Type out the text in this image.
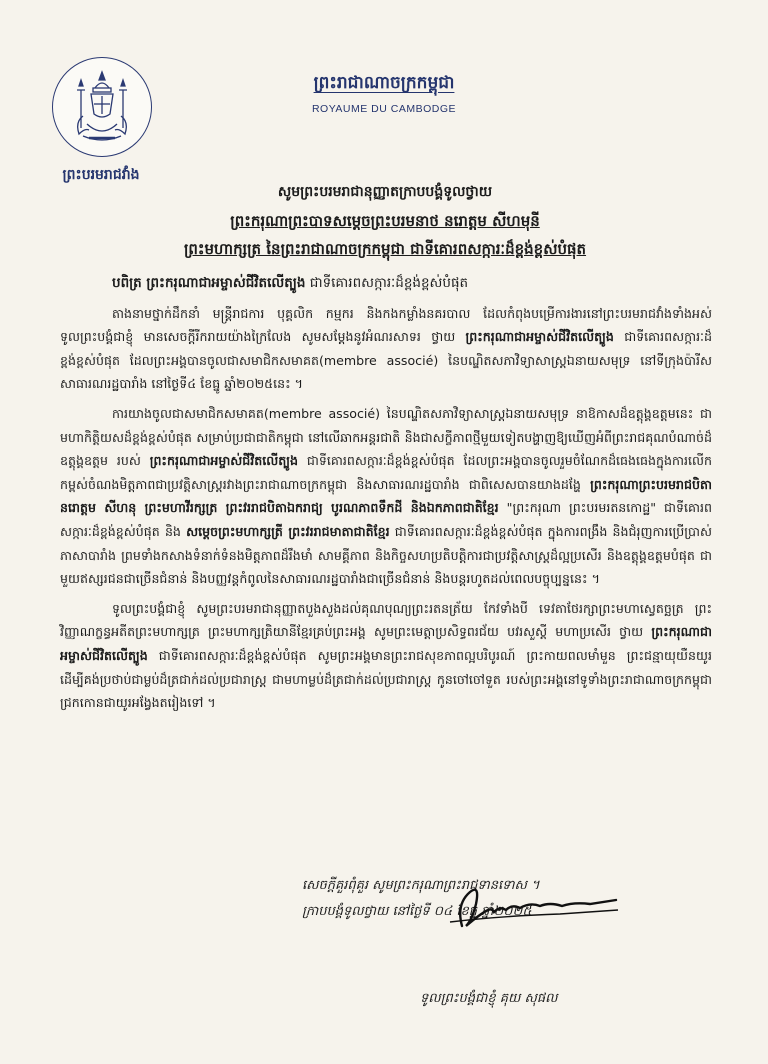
ព្រះបរមរាជវាំង
ព្រះរាជាណាចក្រកម្ពុជា
ROYAUME DU CAMBODGE
សូមព្រះបរមរាជានុញ្ញាតក្រាបបង្គំទូលថ្វាយ
ព្រះករុណាព្រះបាទសម្តេចព្រះបរមនាថ នរោត្តម សីហមុនី
ព្រះមហាក្សត្រ នៃព្រះរាជាណាចក្រកម្ពុជា ជាទីគោរពសក្ការៈដ៏ខ្ពង់ខ្ពស់បំផុត

បពិត្រ ព្រះករុណាជាអម្ចាស់ជីវិតលើត្បូង ជាទីគោរពសក្ការៈដ៏ខ្ពង់ខ្ពស់បំផុត

តាងនាមថ្នាក់ដឹកនាំ មន្ត្រីរាជការ បុគ្គលិក កម្មករ និងកងកម្លាំងនគរបាល ដែលកំពុងបម្រើការងារនៅព្រះបរមរាជវាំងទាំងអស់ ទូលព្រះបង្គំជាខ្ញុំ មានសេចក្តីរីករាយយ៉ាងក្រៃលែង សូមសម្តែងនូវអំណរសាទរ ថ្វាយ ព្រះករុណាជាអម្ចាស់ជីវិតលើត្បូង ជាទីគោរពសក្ការៈដ៏ខ្ពង់ខ្ពស់បំផុត ដែលព្រះអង្គបានចូលជាសមាជិកសមាគត(membre associé) នៃបណ្ឌិតសភាវិទ្យាសាស្ត្រឯនាយសមុទ្រ នៅទីក្រុងប៉ារីស សាធារណរដ្ឋបារាំង នៅថ្ងៃទី៤ ខែធ្នូ ឆ្នាំ២០២៥នេះ ។

ការយាងចូលជាសមាជិកសមាគត(membre associé) នៃបណ្ឌិតសភាវិទ្យាសាស្ត្រឯនាយសមុទ្រ នាឱកាសដ៏ឧត្តុង្គឧត្តមនេះ ជាមហាកិត្តិយសដ៏ខ្ពង់ខ្ពស់បំផុត សម្រាប់ប្រជាជាតិកម្ពុជា នៅលើឆាកអន្តរជាតិ និងជាសក្ខីភាពថ្មីមួយទៀតបង្ហាញឱ្យឃើញអំពីព្រះរាជគុណបំណាច់ដ៏ឧត្តុង្គឧត្តម របស់ ព្រះករុណាជាអម្ចាស់ជីវិតលើត្បូង ជាទីគោរពសក្ការៈដ៏ខ្ពង់ខ្ពស់បំផុត ដែលព្រះអង្គបានចូលរួមចំណែកដ៏ធេងធេងក្នុងការលើកកម្ពស់ចំណងមិត្តភាពជាប្រវត្តិសាស្ត្ររវាងព្រះរាជាណាចក្រកម្ពុជា និងសាធារណរដ្ឋបារាំង ជាពិសេសបានយាងដង្ហែ ព្រះករុណាព្រះបរមរាជបិតា នរោត្តម សីហនុ ព្រះមហាវីរក្សត្រ ព្រះវររាជបិតាឯករាជ្យ បូរណភាពទឹកដី និងឯកភាពជាតិខ្មែរ "ព្រះករុណា ព្រះបរមរតនកោដ្ឋ" ជាទីគោរពសក្ការៈដ៏ខ្ពង់ខ្ពស់បំផុត និង សម្តេចព្រះមហាក្សត្រី ព្រះវររាជមាតាជាតិខ្មែរ ជាទីគោរពសក្ការៈដ៏ខ្ពង់ខ្ពស់បំផុត ក្នុងការពង្រឹង និងជំរុញការប្រើប្រាស់ភាសាបារាំង ព្រមទាំងកសាងទំនាក់ទំនងមិត្តភាពដ៏រឹងមាំ សាមគ្គីភាព និងកិច្ចសហប្រតិបត្តិការជាប្រវត្តិសាស្ត្រដ៏ល្អប្រសើរ និងឧត្តុង្គឧត្តមបំផុត ជាមួយឥស្សរជនជាច្រើនជំនាន់ និងបញ្ញវន្តកំពូលនៃសាធារណរដ្ឋបារាំងជាច្រើនជំនាន់ និងបន្តរហូតដល់ពេលបច្ចុប្បន្ននេះ ។

ទូលព្រះបង្គំជាខ្ញុំ សូមព្រះបរមរាជានុញ្ញាតបួងសួងដល់គុណបុណ្យព្រះរតនត្រ័យ កែវទាំងបី ទេវតាថែរក្សាព្រះមហាស្វេតច្ឆត្រ ព្រះវិញ្ញាណក្ខន្ធអតីតព្រះមហាក្សត្រ ព្រះមហាក្សត្រិយានីខ្មែរគ្រប់ព្រះអង្គ សូមព្រះមេត្តាប្រសិទ្ធពរជ័យ បវរសួស្តី មហាប្រសើរ ថ្វាយ ព្រះករុណាជាអម្ចាស់ជីវិតលើត្បូង ជាទីគោរពសក្ការៈដ៏ខ្ពង់ខ្ពស់បំផុត សូមព្រះអង្គមានព្រះរាជសុខភាពល្អបរិបូរណ៍ ព្រះកាយពលមាំមួន ព្រះជន្មាយុយឺនយូរ ដើម្បីគង់ប្រថាប់ជាម្លប់ដ៏ត្រជាក់ដល់ប្រជារាស្ត្រ ជាមហាម្លប់ដ៏ត្រជាក់ដល់ប្រជារាស្ត្រ កូនចៅចៅទួត របស់ព្រះអង្គនៅទូទាំងព្រះរាជាណាចក្រកម្ពុជា ជ្រកកោនជាយូរអង្វែងតរៀងទៅ ។

សេចក្តីគួរពុំគួរ សូមព្រះករុណាព្រះរាជទានទោស ។
ក្រាបបង្គំទូលថ្វាយ នៅថ្ងៃទី ០៤ ខែធ្នូ ឆ្នាំ២០២៥
ទូលព្រះបង្គំជាខ្ញុំ គុយ សុផល
